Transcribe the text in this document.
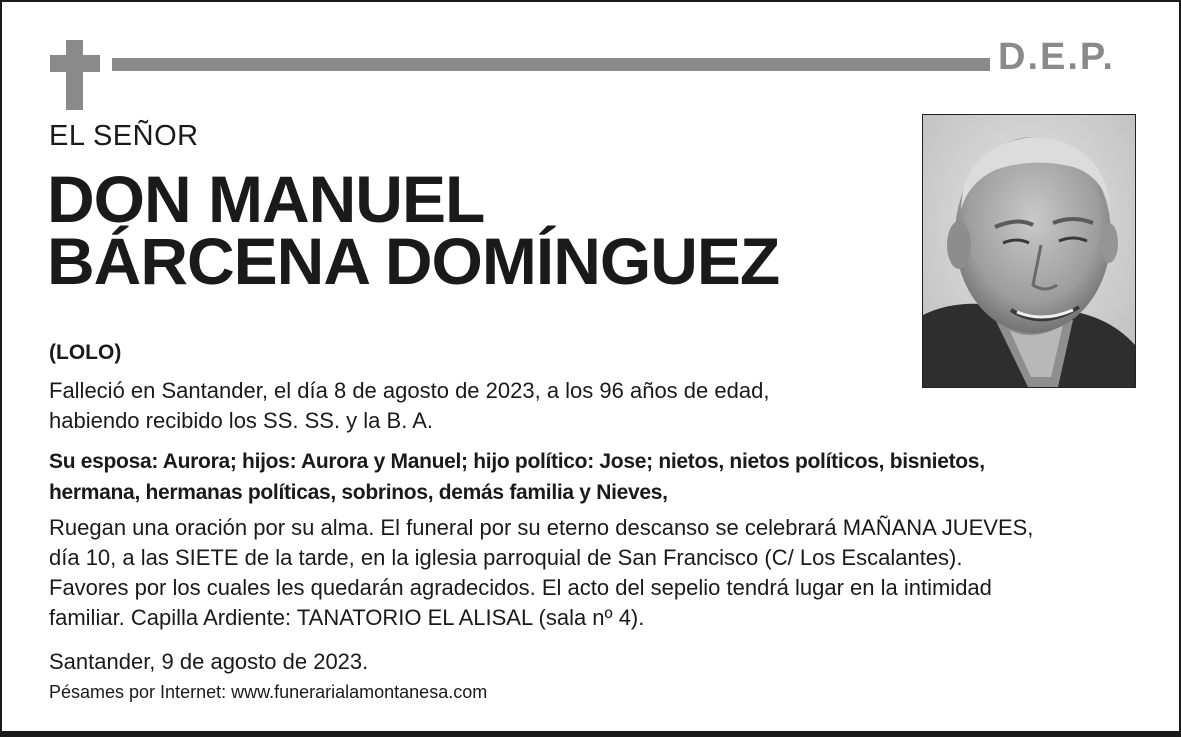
D.E.P.
EL SEÑOR
DON MANUEL
BÁRCENA DOMÍNGUEZ
(LOLO)
Falleció en Santander, el día 8 de agosto de 2023, a los 96 años de edad,
habiendo recibido los SS. SS. y la B. A.
Su esposa: Aurora; hijos: Aurora y Manuel; hijo político: Jose; nietos, nietos políticos, bisnietos,
hermana, hermanas políticas, sobrinos, demás familia y Nieves,
Ruegan una oración por su alma. El funeral por su eterno descanso se celebrará MAÑANA JUEVES,
día 10, a las SIETE de la tarde, en la iglesia parroquial de San Francisco (C/ Los Escalantes).
Favores por los cuales les quedarán agradecidos. El acto del sepelio tendrá lugar en la intimidad
familiar. Capilla Ardiente: TANATORIO EL ALISAL (sala nº 4).
Santander, 9 de agosto de 2023.
Pésames por Internet: www.funerarialamontanesa.com
